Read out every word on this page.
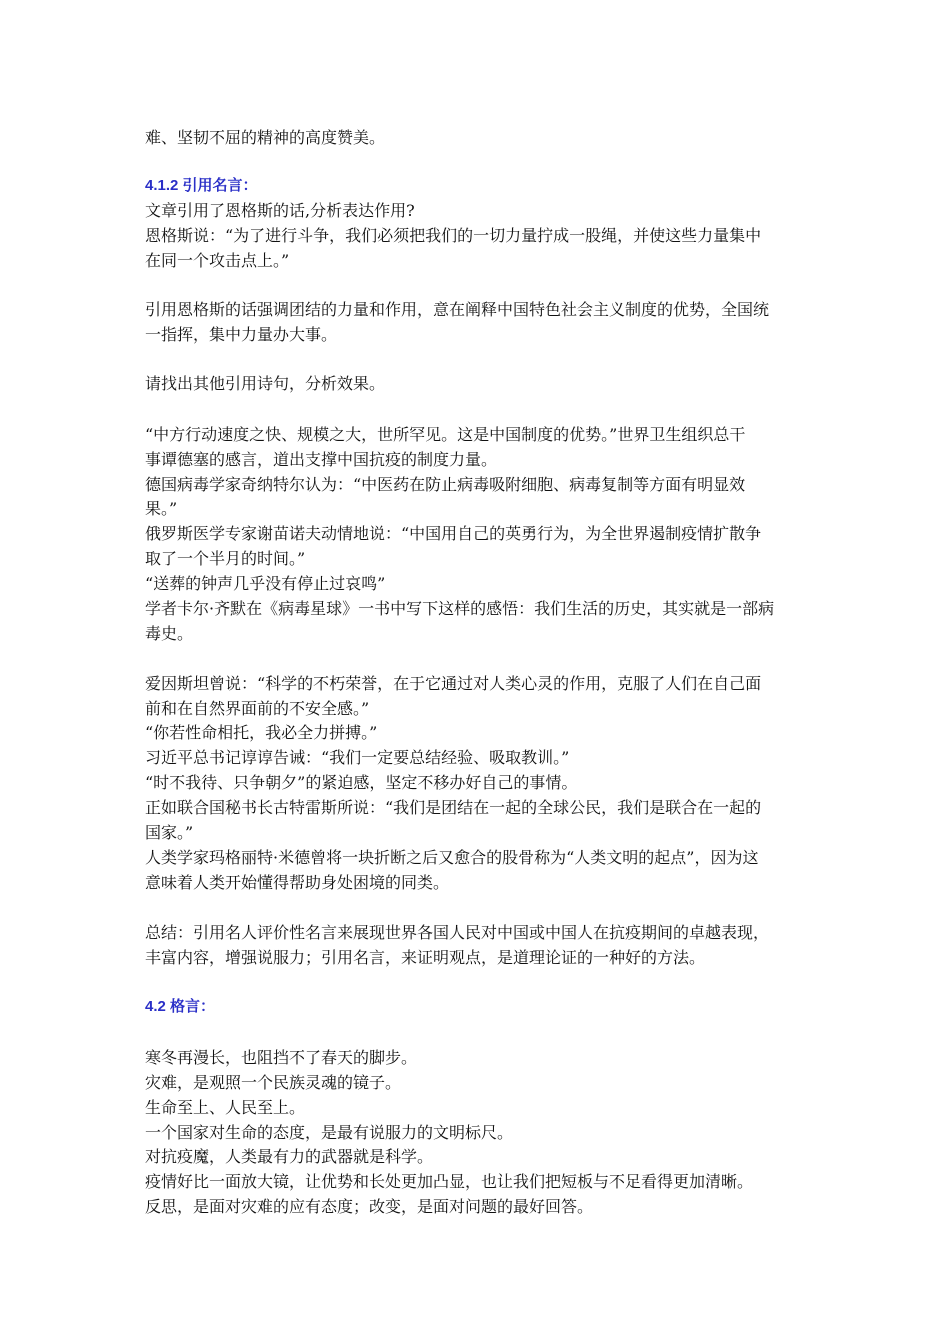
难、坚韧不屈的精神的高度赞美。
4.1.2 引用名言：
文章引用了恩格斯的话,分析表达作用?
恩格斯说：“为了进行斗争，我们必须把我们的一切力量拧成一股绳，并使这些力量集中
在同一个攻击点上。”
引用恩格斯的话强调团结的力量和作用，意在阐释中国特色社会主义制度的优势，全国统
一指挥，集中力量办大事。
请找出其他引用诗句，分析效果。
“中方行动速度之快、规模之大，世所罕见。这是中国制度的优势。”世界卫生组织总干
事谭德塞的感言，道出支撑中国抗疫的制度力量。
德国病毒学家奇纳特尔认为：“中医药在防止病毒吸附细胞、病毒复制等方面有明显效
果。”
俄罗斯医学专家谢苗诺夫动情地说：“中国用自己的英勇行为，为全世界遏制疫情扩散争
取了一个半月的时间。”
“送葬的钟声几乎没有停止过哀鸣”
学者卡尔·齐默在《病毒星球》一书中写下这样的感悟：我们生活的历史，其实就是一部病
毒史。
爱因斯坦曾说：“科学的不朽荣誉，在于它通过对人类心灵的作用，克服了人们在自己面
前和在自然界面前的不安全感。”
“你若性命相托，我必全力拼搏。”
习近平总书记谆谆告诫：“我们一定要总结经验、吸取教训。”
“时不我待、只争朝夕”的紧迫感，坚定不移办好自己的事情。
正如联合国秘书长古特雷斯所说：“我们是团结在一起的全球公民，我们是联合在一起的
国家。”
人类学家玛格丽特·米德曾将一块折断之后又愈合的股骨称为“人类文明的起点”，因为这
意味着人类开始懂得帮助身处困境的同类。
总结：引用名人评价性名言来展现世界各国人民对中国或中国人在抗疫期间的卓越表现，
丰富内容，增强说服力；引用名言，来证明观点，是道理论证的一种好的方法。
4.2 格言：
寒冬再漫长，也阻挡不了春天的脚步。
灾难，是观照一个民族灵魂的镜子。
生命至上、人民至上。
一个国家对生命的态度，是最有说服力的文明标尺。
对抗疫魔，人类最有力的武器就是科学。
疫情好比一面放大镜，让优势和长处更加凸显，也让我们把短板与不足看得更加清晰。
反思，是面对灾难的应有态度；改变，是面对问题的最好回答。
